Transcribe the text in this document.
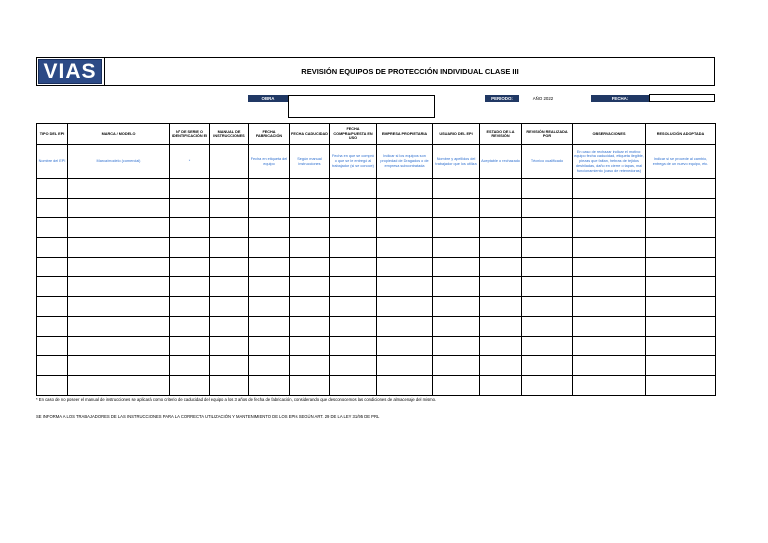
VIAS	REVISIÓN EQUIPOS DE PROTECCIÓN INDIVIDUAL CLASE III
OBRA	PERIODO:	AÑO 2022	FECHA:
TIPO DEL EPI	MARCA / MODELO	Nº DE SERIE O IDENTIFICACIÓN EI	MANUAL DE INSTRUCCIONES	FECHA FABRICACIÓN	FECHA CADUCIDAD	FECHA COMPRA/PUESTA EN USO	EMPRESA PROPIETARIA	USUARIO DEL EPI	ESTADO DE LA REVISIÓN	REVISIÓN REALIZADA POR	OBSERVACIONES	RESOLUCIÓN ADOPTADA
Nombre del EPI	Marca/modelo (comercial)	*		Fecha en etiqueta del equipo	Según manual instrucciones	Fecha en que se compró o que se le entregó al trabajador (si se conoce)	Indicar si los equipos son propiedad de Dragados o de empresa subcontratada	Nombre y apellidos del trabajador que los utiliza	Aceptable o rechazado	Técnico cualificado	En caso de rechazar indicar el motivo: equipo fecha caducidad, etiqueta ilegible, piezas que faltan, hebras de tejidos deshiladas, daño en cierre o tapas, mal funcionamiento (caso de retenedoras)	Indicar si se procede al cambio, entrega de un nuevo equipo, etc.

* En caso de no poseer el manual de instrucciones se aplicará como criterio de caducidad del equipo a los 3 años de fecha de fabricación, considerando que desconocemos las condiciones de almacenaje del mismo.
SE INFORMA A LOS TRABAJADORES DE LAS INSTRUCCIONES PARA LA CORRECTA UTILIZACIÓN Y MANTENIMIENTO DE LOS EPIs SEGÚN ART. 29 DE LA LEY 31/95 DE PRL
